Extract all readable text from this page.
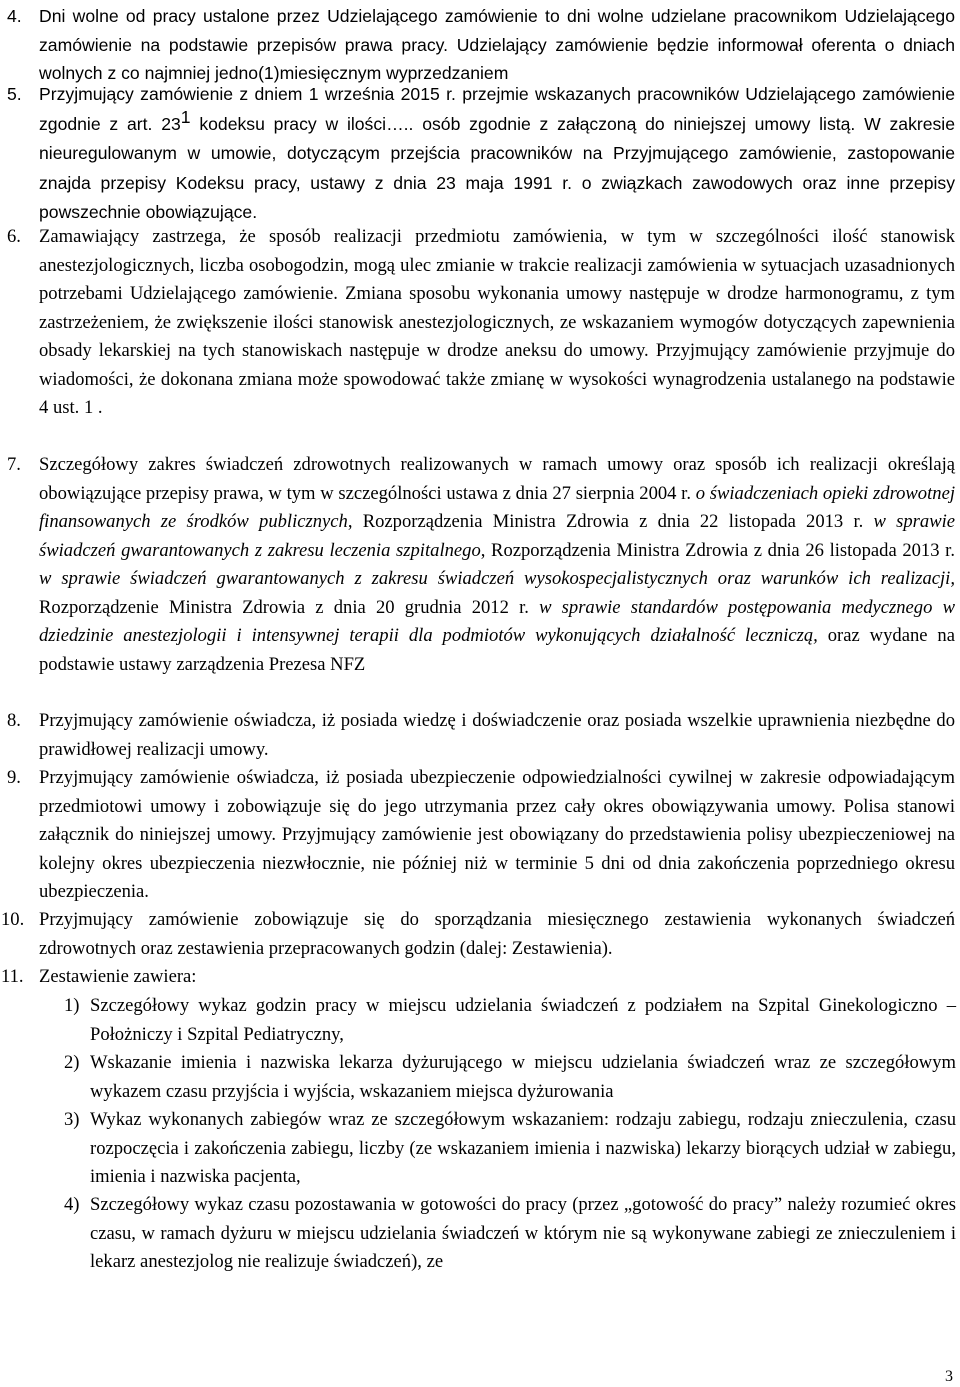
4. Dni wolne od pracy ustalone przez Udzielającego zamówienie to dni wolne udzielane pracownikom Udzielającego zamówienie na podstawie przepisów prawa pracy. Udzielający zamówienie będzie informował oferenta o dniach wolnych z co najmniej jedno(1)miesięcznym wyprzedzaniem
5. Przyjmujący zamówienie z dniem 1 września 2015 r. przejmie wskazanych pracowników Udzielającego zamówienie zgodnie z art. $23^1$ kodeksu pracy w ilości….. osób zgodnie z załączoną do niniejszej umowy listą. W zakresie nieuregulowanym w umowie, dotyczącym przejścia pracowników na Przyjmującego zamówienie, zastopowanie znajda przepisy Kodeksu pracy, ustawy z dnia 23 maja 1991 r. o związkach zawodowych oraz inne przepisy powszechnie obowiązujące.
6. Zamawiający zastrzega, że sposób realizacji przedmiotu zamówienia, w tym w szczególności ilość stanowisk anestezjologicznych, liczba osobogodzin, mogą ulec zmianie w trakcie realizacji zamówienia w sytuacjach uzasadnionych potrzebami Udzielającego zamówienie. Zmiana sposobu wykonania umowy następuje w drodze harmonogramu, z tym zastrzeżeniem, że zwiększenie ilości stanowisk anestezjologicznych, ze wskazaniem wymogów dotyczących zapewnienia obsady lekarskiej na tych stanowiskach następuje w drodze aneksu do umowy. Przyjmujący zamówienie przyjmuje do wiadomości, że dokonana zmiana może spowodować także zmianę w wysokości wynagrodzenia ustalanego na podstawie 4 ust. 1 .
7. Szczegółowy zakres świadczeń zdrowotnych realizowanych w ramach umowy oraz sposób ich realizacji określają obowiązujące przepisy prawa, w tym w szczególności ustawa z dnia 27 sierpnia 2004 r. o świadczeniach opieki zdrowotnej finansowanych ze środków publicznych, Rozporządzenia Ministra Zdrowia z dnia 22 listopada 2013 r. w sprawie świadczeń gwarantowanych z zakresu leczenia szpitalnego, Rozporządzenia Ministra Zdrowia z dnia 26 listopada 2013 r. w sprawie świadczeń gwarantowanych z zakresu świadczeń wysokospecjalistycznych oraz warunków ich realizacji, Rozporządzenie Ministra Zdrowia z dnia 20 grudnia 2012 r. w sprawie standardów postępowania medycznego w dziedzinie anestezjologii i intensywnej terapii dla podmiotów wykonujących działalność leczniczą, oraz wydane na podstawie ustawy zarządzenia Prezesa NFZ
8. Przyjmujący zamówienie oświadcza, iż posiada wiedzę i doświadczenie oraz posiada wszelkie uprawnienia niezbędne do prawidłowej realizacji umowy.
9. Przyjmujący zamówienie oświadcza, iż posiada ubezpieczenie odpowiedzialności cywilnej w zakresie odpowiadającym przedmiotowi umowy i zobowiązuje się do jego utrzymania przez cały okres obowiązywania umowy. Polisa stanowi załącznik do niniejszej umowy. Przyjmujący zamówienie jest obowiązany do przedstawienia polisy ubezpieczeniowej na kolejny okres ubezpieczenia niezwłocznie, nie później niż w terminie 5 dni od dnia zakończenia poprzedniego okresu ubezpieczenia.
10. Przyjmujący zamówienie zobowiązuje się do sporządzania miesięcznego zestawienia wykonanych świadczeń zdrowotnych oraz zestawienia przepracowanych godzin (dalej: Zestawienia).
11. Zestawienie zawiera:
1) Szczegółowy wykaz godzin pracy w miejscu udzielania świadczeń z podziałem na Szpital Ginekologiczno – Położniczy i Szpital Pediatryczny,
2) Wskazanie imienia i nazwiska lekarza dyżurującego w miejscu udzielania świadczeń wraz ze szczegółowym wykazem czasu przyjścia i wyjścia, wskazaniem miejsca dyżurowania
3) Wykaz wykonanych zabiegów wraz ze szczegółowym wskazaniem: rodzaju zabiegu, rodzaju znieczulenia, czasu rozpoczęcia i zakończenia zabiegu, liczby (ze wskazaniem imienia i nazwiska) lekarzy biorących udział w zabiegu, imienia i nazwiska pacjenta,
4) Szczegółowy wykaz czasu pozostawania w gotowości do pracy (przez „gotowość do pracy” należy rozumieć okres czasu, w ramach dyżuru w miejscu udzielania świadczeń w którym nie są wykonywane zabiegi ze znieczuleniem i lekarz anestezjolog nie realizuje świadczeń), ze
3
